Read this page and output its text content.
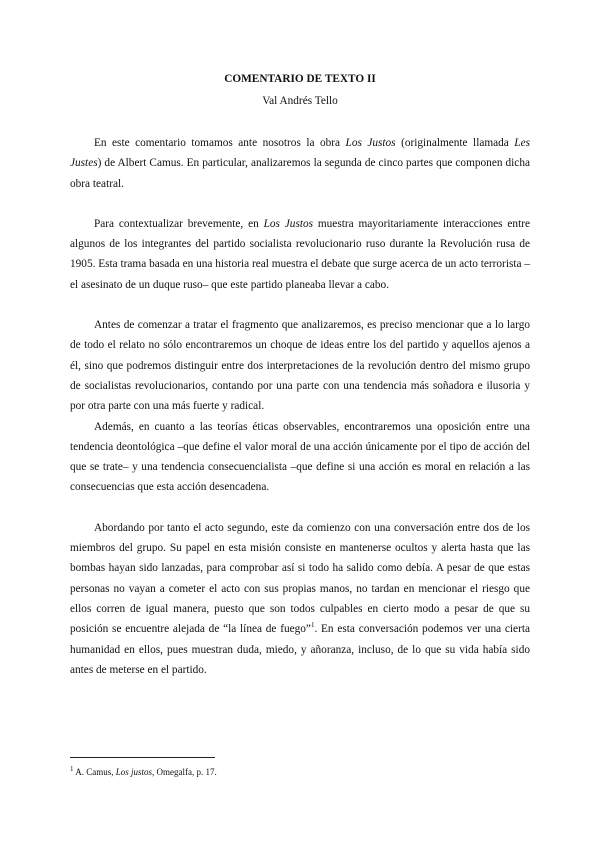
COMENTARIO DE TEXTO II
Val Andrés Tello

En este comentario tomamos ante nosotros la obra Los Justos (originalmente llamada Les Justes) de Albert Camus. En particular, analizaremos la segunda de cinco partes que componen dicha obra teatral.

Para contextualizar brevemente, en Los Justos muestra mayoritariamente interacciones entre algunos de los integrantes del partido socialista revolucionario ruso durante la Revolución rusa de 1905. Esta trama basada en una historia real muestra el debate que surge acerca de un acto terrorista –el asesinato de un duque ruso– que este partido planeaba llevar a cabo.

Antes de comenzar a tratar el fragmento que analizaremos, es preciso mencionar que a lo largo de todo el relato no sólo encontraremos un choque de ideas entre los del partido y aquellos ajenos a él, sino que podremos distinguir entre dos interpretaciones de la revolución dentro del mismo grupo de socialistas revolucionarios, contando por una parte con una tendencia más soñadora e ilusoria y por otra parte con una más fuerte y radical.

Además, en cuanto a las teorías éticas observables, encontraremos una oposición entre una tendencia deontológica –que define el valor moral de una acción únicamente por el tipo de acción del que se trate– y una tendencia consecuencialista –que define si una acción es moral en relación a las consecuencias que esta acción desencadena.

Abordando por tanto el acto segundo, este da comienzo con una conversación entre dos de los miembros del grupo. Su papel en esta misión consiste en mantenerse ocultos y alerta hasta que las bombas hayan sido lanzadas, para comprobar así si todo ha salido como debía. A pesar de que estas personas no vayan a cometer el acto con sus propias manos, no tardan en mencionar el riesgo que ellos corren de igual manera, puesto que son todos culpables en cierto modo a pesar de que su posición se encuentre alejada de “la línea de fuego”$^1$. En esta conversación podemos ver una cierta humanidad en ellos, pues muestran duda, miedo, y añoranza, incluso, de lo que su vida había sido antes de meterse en el partido.

$^1$ A. Camus, Los justos, Omegalfa, p. 17.
